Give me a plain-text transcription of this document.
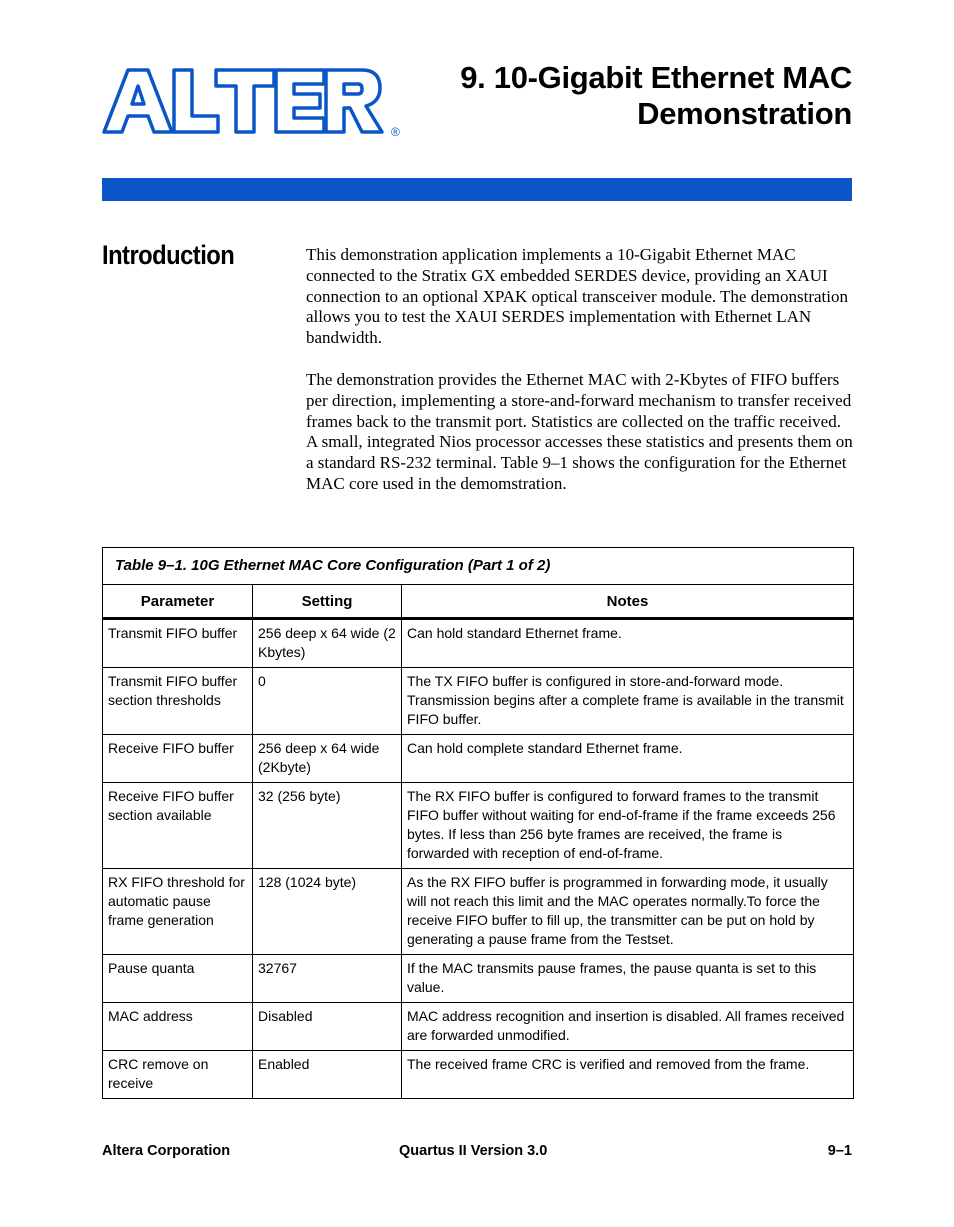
®
9. 10-Gigabit Ethernet MAC
Demonstration
Introduction	This demonstration application implements a 10-Gigabit Ethernet MAC connected to the Stratix GX embedded SERDES device, providing an XAUI connection to an optional XPAK optical transceiver module. The demonstration allows you to test the XAUI SERDES implementation with Ethernet LAN bandwidth.

The demonstration provides the Ethernet MAC with 2-Kbytes of FIFO buffers per direction, implementing a store-and-forward mechanism to transfer received frames back to the transmit port. Statistics are collected on the traffic received. A small, integrated Nios processor accesses these statistics and presents them on a standard RS-232 terminal. Table 9–1 shows the configuration for the Ethernet MAC core used in the demomstration.

Table 9–1. 10G Ethernet MAC Core Configuration (Part 1 of 2)
Parameter	Setting	Notes
Transmit FIFO buffer	256 deep x 64 wide (2 Kbytes)	Can hold standard Ethernet frame.
Transmit FIFO buffer section thresholds	0	The TX FIFO buffer is configured in store-and-forward mode. Transmission begins after a complete frame is available in the transmit FIFO buffer.
Receive FIFO buffer	256 deep x 64 wide (2Kbyte)	Can hold complete standard Ethernet frame.
Receive FIFO buffer section available	32 (256 byte)	The RX FIFO buffer is configured to forward frames to the transmit FIFO buffer without waiting for end-of-frame if the frame exceeds 256 bytes. If less than 256 byte frames are received, the frame is forwarded with reception of end-of-frame.
RX FIFO threshold for automatic pause frame generation	128 (1024 byte)	As the RX FIFO buffer is programmed in forwarding mode, it usually will not reach this limit and the MAC operates normally.To force the receive FIFO buffer to fill up, the transmitter can be put on hold by generating a pause frame from the Testset.
Pause quanta	32767	If the MAC transmits pause frames, the pause quanta is set to this value.
MAC address	Disabled	MAC address recognition and insertion is disabled. All frames received are forwarded unmodified.
CRC remove on receive	Enabled	The received frame CRC is verified and removed from the frame.
Altera Corporation	Quartus II Version 3.0	9–1
